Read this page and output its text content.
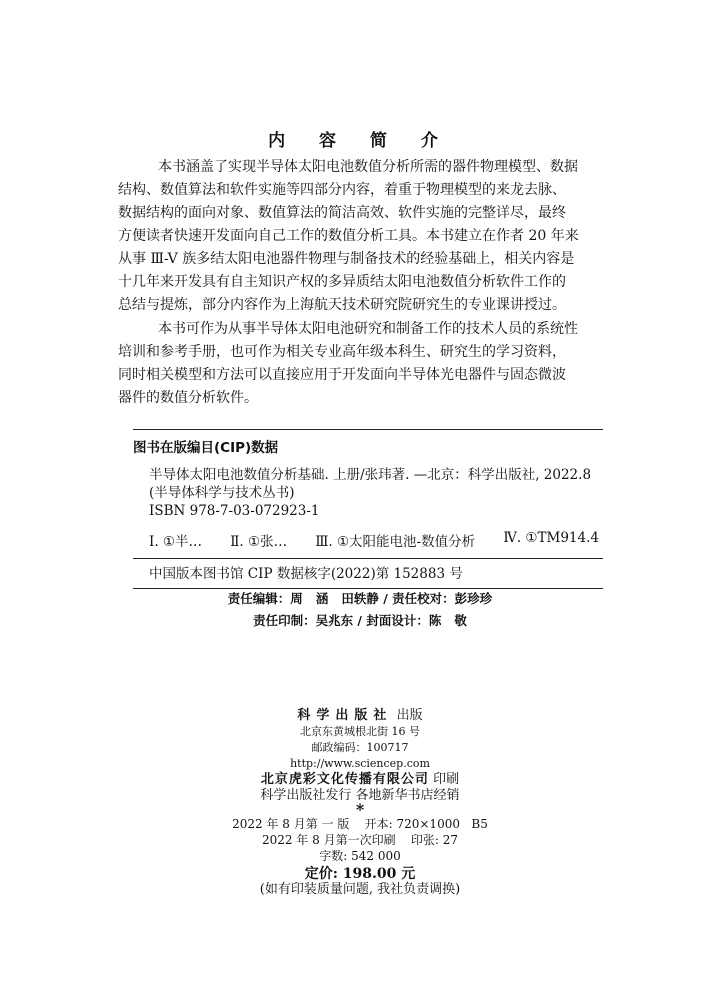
内 容 简 介

本书涵盖了实现半导体太阳电池数值分析所需的器件物理模型、数据
结构、数值算法和软件实施等四部分内容，着重于物理模型的来龙去脉、
数据结构的面向对象、数值算法的简洁高效、软件实施的完整详尽，最终
方便读者快速开发面向自己工作的数值分析工具。本书建立在作者 20 年来
从事 Ⅲ-V 族多结太阳电池器件物理与制备技术的经验基础上，相关内容是
十几年来开发具有自主知识产权的多异质结太阳电池数值分析软件工作的
总结与提炼，部分内容作为上海航天技术研究院研究生的专业课讲授过。

本书可作为从事半导体太阳电池研究和制备工作的技术人员的系统性
培训和参考手册，也可作为相关专业高年级本科生、研究生的学习资料，
同时相关模型和方法可以直接应用于开发面向半导体光电器件与固态微波
器件的数值分析软件。

图书在版编目(CIP)数据
半导体太阳电池数值分析基础. 上册/张玮著. —北京：科学出版社, 2022.8
(半导体科学与技术丛书)
ISBN 978-7-03-072923-1
Ⅰ. ①半… Ⅱ. ①张… Ⅲ. ①太阳能电池-数值分析 Ⅳ. ①TM914.4
中国版本图书馆 CIP 数据核字(2022)第 152883 号
责任编辑：周   涵   田轶静 / 责任校对：彭珍珍
责任印制：吴兆东 / 封面设计：陈   敬
科学出版社 出版
北京东黄城根北街 16 号
邮政编码：100717
http://www.sciencep.com
北京虎彩文化传播有限公司 印刷
科学出版社发行 各地新华书店经销
*
2022 年 8 月第 一 版    开本: 720×1000   B5
2022 年 8 月第一次印刷    印张: 27
字数: 542 000
定价: 198.00 元
(如有印装质量问题, 我社负责调换)
